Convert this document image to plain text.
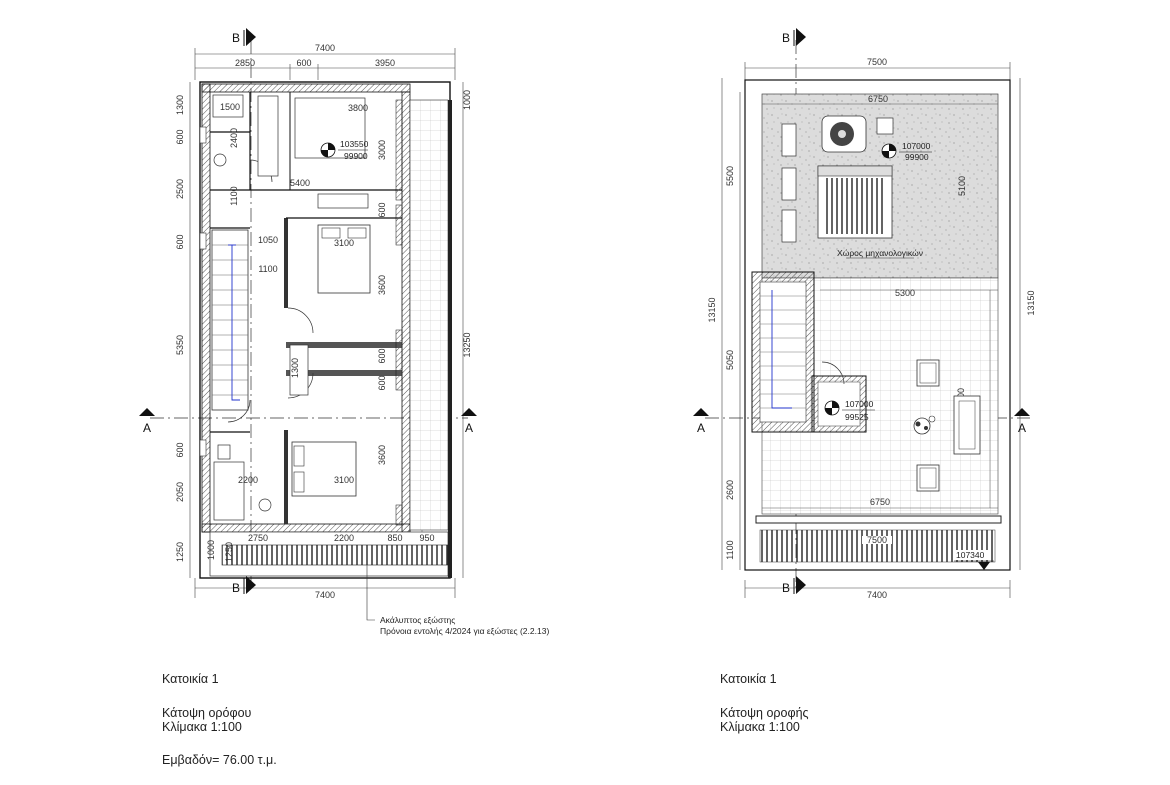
7400
2850	600	3950
7400
1300
600
2500
600
5350
600
2050
1250
1000
13250
103550
99900
1500
2400
1100
5400
600
3000
1050
1100
3100
3600
600
600
1300
3600
3100
2200
3800
1000 1250
2750	2200	850 950
B
B
A	A
Ακάλυπτος εξώστης
Πρόνοια εντολής 4/2024 για εξώστες (2.2.13)
7500
7400
5500
13150
5050
2600
1100
13150
6750
5100
Χώρος μηχανολογικών
107000
99900
5300
6750
107000
99525
7500
107340
B
B
A	A

Κατοικία 1

Κάτοψη ορόφου

Κλίμακα 1:100

Εμβαδόν= 76.00 τ.μ.

Κατοικία 1

Κάτοψη οροφής

Κλίμακα 1:100
